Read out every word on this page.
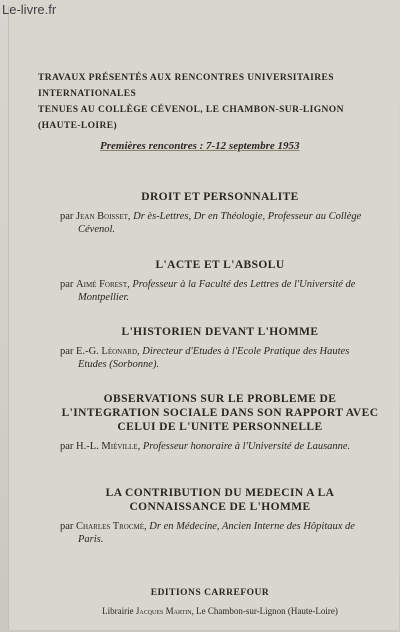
Le-livre.fr
TRAVAUX PRÉSENTÉS AUX RENCONTRES UNIVERSITAIRES INTERNATIONALES
TENUES AU COLLÈGE CÉVENOL, LE CHAMBON-SUR-LIGNON (HAUTE-LOIRE)
Premières rencontres : 7-12 septembre 1953
DROIT ET PERSONNALITE
par Jean Boisset, Dr ès-Lettres, Dr en Théologie, Professeur au Collège Cévenol.
L'ACTE ET L'ABSOLU
par Aimé Forest, Professeur à la Faculté des Lettres de l'Université de Montpellier.
L'HISTORIEN DEVANT L'HOMME
par E.-G. Léonard, Directeur d'Etudes à l'Ecole Pratique des Hautes Etudes (Sorbonne).
OBSERVATIONS SUR LE PROBLEME DE L'INTEGRATION SOCIALE DANS SON RAPPORT AVEC CELUI DE L'UNITE PERSONNELLE
par H.-L. Miéville, Professeur honoraire à l'Université de Lausanne.
LA CONTRIBUTION DU MEDECIN A LA CONNAISSANCE DE L'HOMME
par Charles Trocmé, Dr en Médecine, Ancien Interne des Hôpitaux de Paris.
EDITIONS CARREFOUR
Librairie Jacques Martin, Le Chambon-sur-Lignon (Haute-Loire)
